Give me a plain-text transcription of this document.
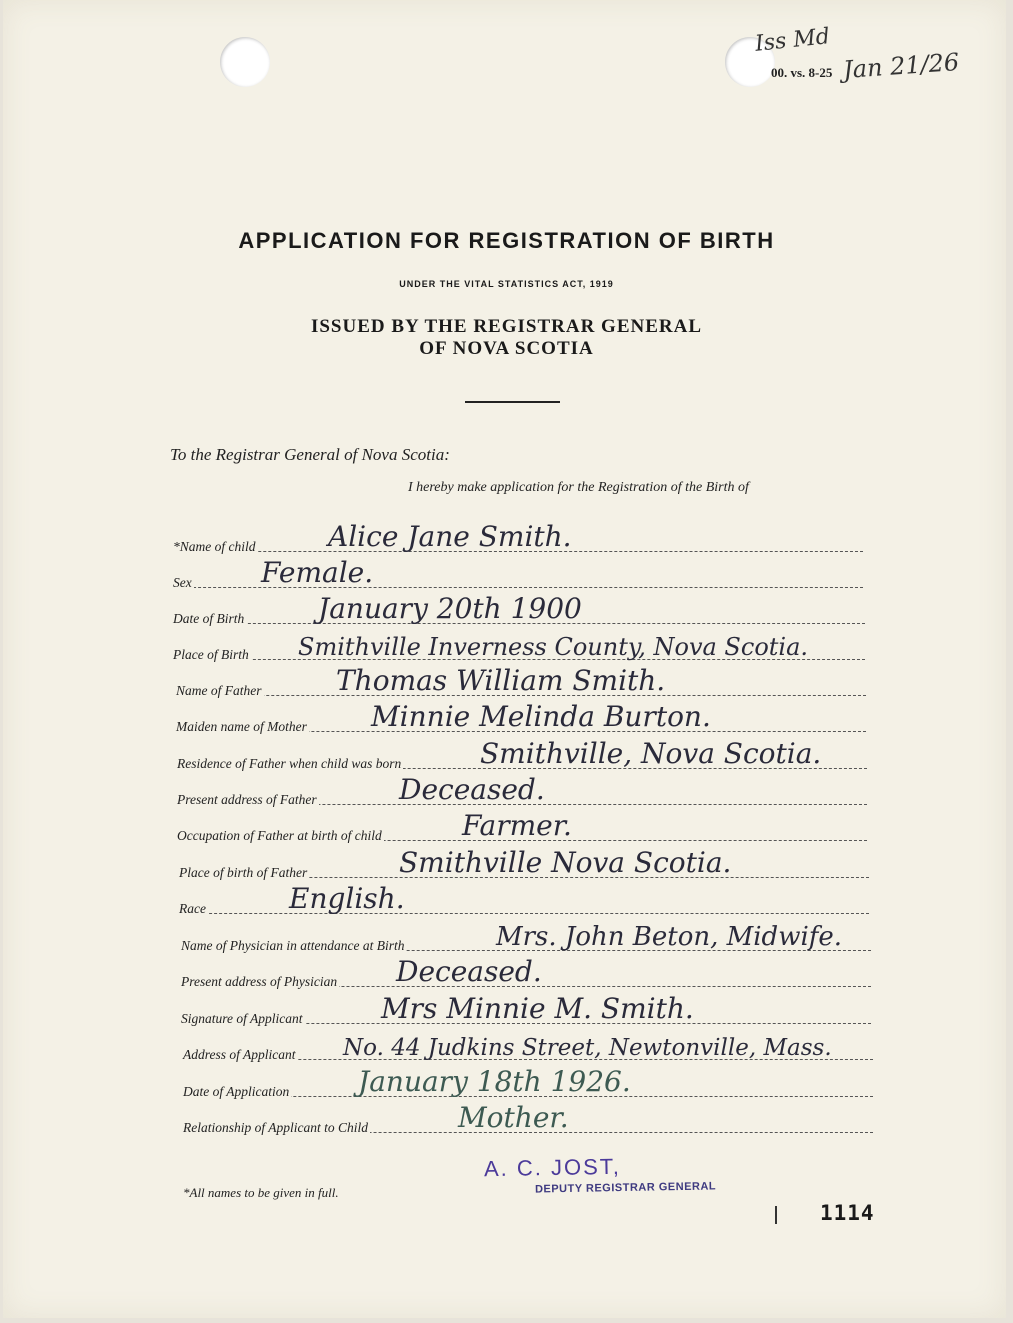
00. vs. 8-25
Iss Md
Jan 21/26
APPLICATION FOR REGISTRATION OF BIRTH
UNDER THE VITAL STATISTICS ACT, 1919
ISSUED BY THE REGISTRAR GENERAL
OF NOVA SCOTIA
To the Registrar General of Nova Scotia:
I hereby make application for the Registration of the Birth of
*Name of child	Alice Jane Smith.
Sex Female.
Date of Birth	January 20th 1900
Place of Birth Smithville Inverness County, Nova Scotia.
Name of Father	Thomas William Smith.
Maiden name of Mother Minnie Melinda Burton.
Residence of Father when child was born	Smithville, Nova Scotia.
Present address of Father	Deceased.
Occupation of Father at birth of child	Farmer.
Place of birth of Father	Smithville Nova Scotia.
Race	English.
Name of Physician in attendance at Birth	Mrs. John Beton, Midwife.
Present address of Physician Deceased.
Signature of Applicant	Mrs Minnie M. Smith.
Address of Applicant No. 44 Judkins Street, Newtonville, Mass.
Date of Application January 18th 1926.
Relationship of Applicant to Child	Mother.
*All names to be given in full.
A. C. JOST,
DEPUTY REGISTRAR GENERAL
1114
